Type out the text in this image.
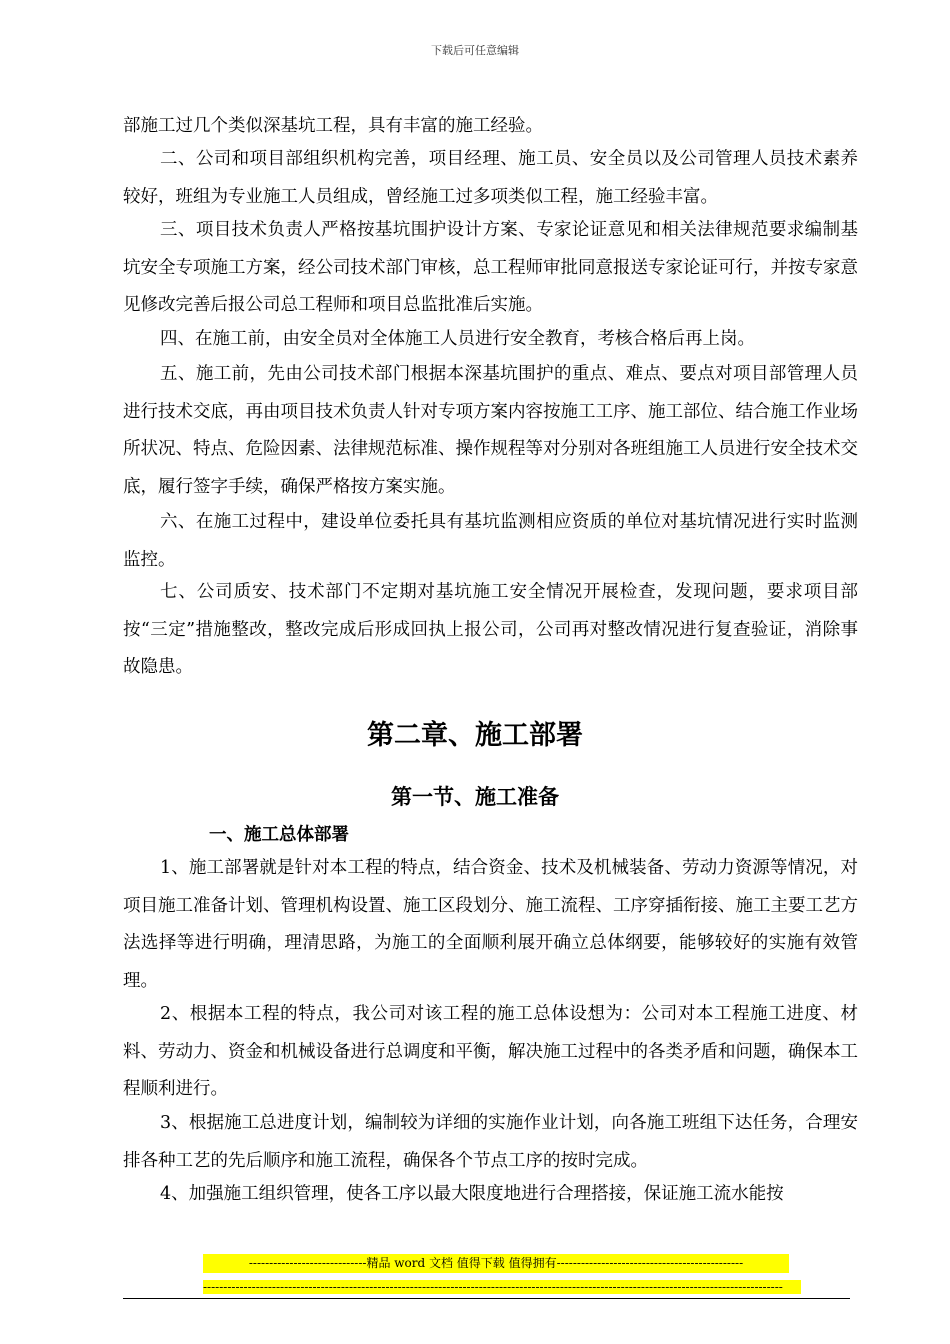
下载后可任意编辑

部施工过几个类似深基坑工程，具有丰富的施工经验。

二、公司和项目部组织机构完善，项目经理、施工员、安全员以及公司管理人员技术素养较好，班组为专业施工人员组成，曾经施工过多项类似工程，施工经验丰富。

三、项目技术负责人严格按基坑围护设计方案、专家论证意见和相关法律规范要求编制基坑安全专项施工方案，经公司技术部门审核，总工程师审批同意报送专家论证可行，并按专家意见修改完善后报公司总工程师和项目总监批准后实施。

四、在施工前，由安全员对全体施工人员进行安全教育，考核合格后再上岗。

五、施工前，先由公司技术部门根据本深基坑围护的重点、难点、要点对项目部管理人员进行技术交底，再由项目技术负责人针对专项方案内容按施工工序、施工部位、结合施工作业场所状况、特点、危险因素、法律规范标准、操作规程等对分别对各班组施工人员进行安全技术交底，履行签字手续，确保严格按方案实施。

六、在施工过程中，建设单位委托具有基坑监测相应资质的单位对基坑情况进行实时监测监控。

七、公司质安、技术部门不定期对基坑施工安全情况开展检查，发现问题，要求项目部按“三定”措施整改，整改完成后形成回执上报公司，公司再对整改情况进行复查验证，消除事故隐患。

第二章、施工部署
第一节、施工准备
一、施工总体部署

1、施工部署就是针对本工程的特点，结合资金、技术及机械装备、劳动力资源等情况，对项目施工准备计划、管理机构设置、施工区段划分、施工流程、工序穿插衔接、施工主要工艺方法选择等进行明确，理清思路，为施工的全面顺利展开确立总体纲要，能够较好的实施有效管理。

2、根据本工程的特点，我公司对该工程的施工总体设想为：公司对本工程施工进度、材料、劳动力、资金和机械设备进行总调度和平衡，解决施工过程中的各类矛盾和问题，确保本工程顺利进行。

3、根据施工总进度计划，编制较为详细的实施作业计划，向各施工班组下达任务，合理安排各种工艺的先后顺序和施工流程，确保各个节点工序的按时完成。

4、加强施工组织管理，使各工序以最大限度地进行合理搭接，保证施工流水能按

-----------------------------精品 word 文档 值得下载 值得拥有----------------------------------------------
-----------------------------------------------------------------------------------------------------------------------------------------------
